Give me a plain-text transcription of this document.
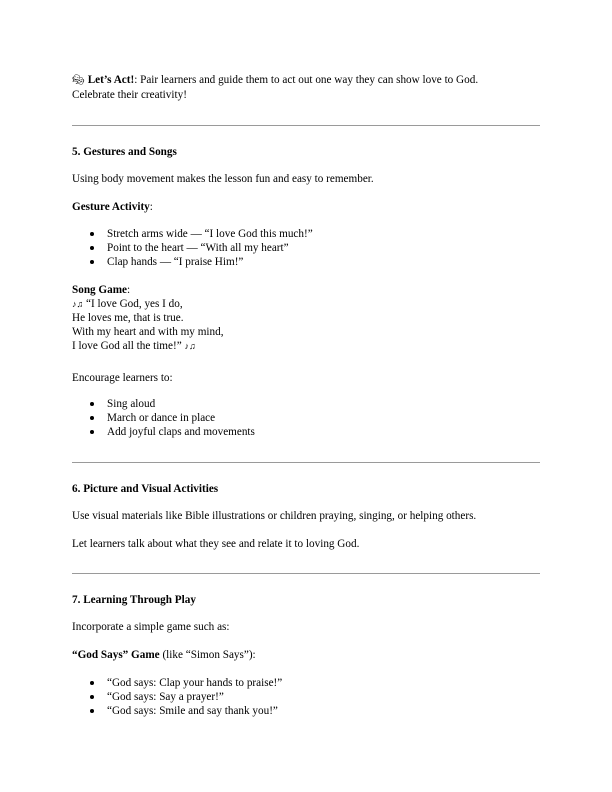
🎭︎ Let’s Act!: Pair learners and guide them to act out one way they can show love to God.
Celebrate their creativity!
5. Gestures and Songs
Using body movement makes the lesson fun and easy to remember.
Gesture Activity:
Stretch arms wide — “I love God this much!”
Point to the heart — “With all my heart”
Clap hands — “I praise Him!”
Song Game:
♪♫ “I love God, yes I do,
He loves me, that is true.
With my heart and with my mind,
I love God all the time!” ♪♫
Encourage learners to:
Sing aloud
March or dance in place
Add joyful claps and movements
6. Picture and Visual Activities
Use visual materials like Bible illustrations or children praying, singing, or helping others.
Let learners talk about what they see and relate it to loving God.
7. Learning Through Play
Incorporate a simple game such as:
“God Says” Game (like “Simon Says”):
“God says: Clap your hands to praise!”
“God says: Say a prayer!”
“God says: Smile and say thank you!”
